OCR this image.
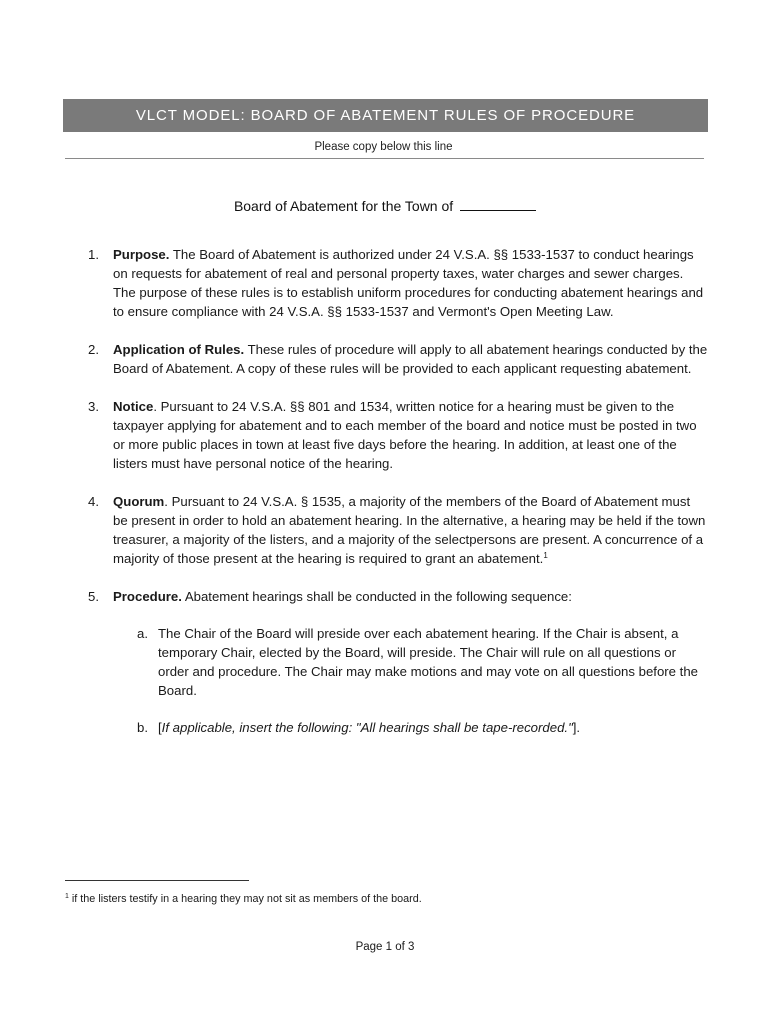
VLCT MODEL: BOARD OF ABATEMENT RULES OF PROCEDURE
Please copy below this line
Board of Abatement for the Town of
1. Purpose. The Board of Abatement is authorized under 24 V.S.A. §§ 1533-1537 to conduct hearings on requests for abatement of real and personal property taxes, water charges and sewer charges. The purpose of these rules is to establish uniform procedures for conducting abatement hearings and to ensure compliance with 24 V.S.A. §§ 1533-1537 and Vermont's Open Meeting Law.
2. Application of Rules. These rules of procedure will apply to all abatement hearings conducted by the Board of Abatement. A copy of these rules will be provided to each applicant requesting abatement.
3. Notice. Pursuant to 24 V.S.A. §§ 801 and 1534, written notice for a hearing must be given to the taxpayer applying for abatement and to each member of the board and notice must be posted in two or more public places in town at least five days before the hearing. In addition, at least one of the listers must have personal notice of the hearing.
4. Quorum. Pursuant to 24 V.S.A. § 1535, a majority of the members of the Board of Abatement must be present in order to hold an abatement hearing. In the alternative, a hearing may be held if the town treasurer, a majority of the listers, and a majority of the selectpersons are present. A concurrence of a majority of those present at the hearing is required to grant an abatement.$^1$
5. Procedure. Abatement hearings shall be conducted in the following sequence:
a. The Chair of the Board will preside over each abatement hearing. If the Chair is absent, a temporary Chair, elected by the Board, will preside. The Chair will rule on all questions or order and procedure. The Chair may make motions and may vote on all questions before the Board.
b. [If applicable, insert the following: "All hearings shall be tape-recorded."].
$^1$ if the listers testify in a hearing they may not sit as members of the board.
Page 1 of 3
